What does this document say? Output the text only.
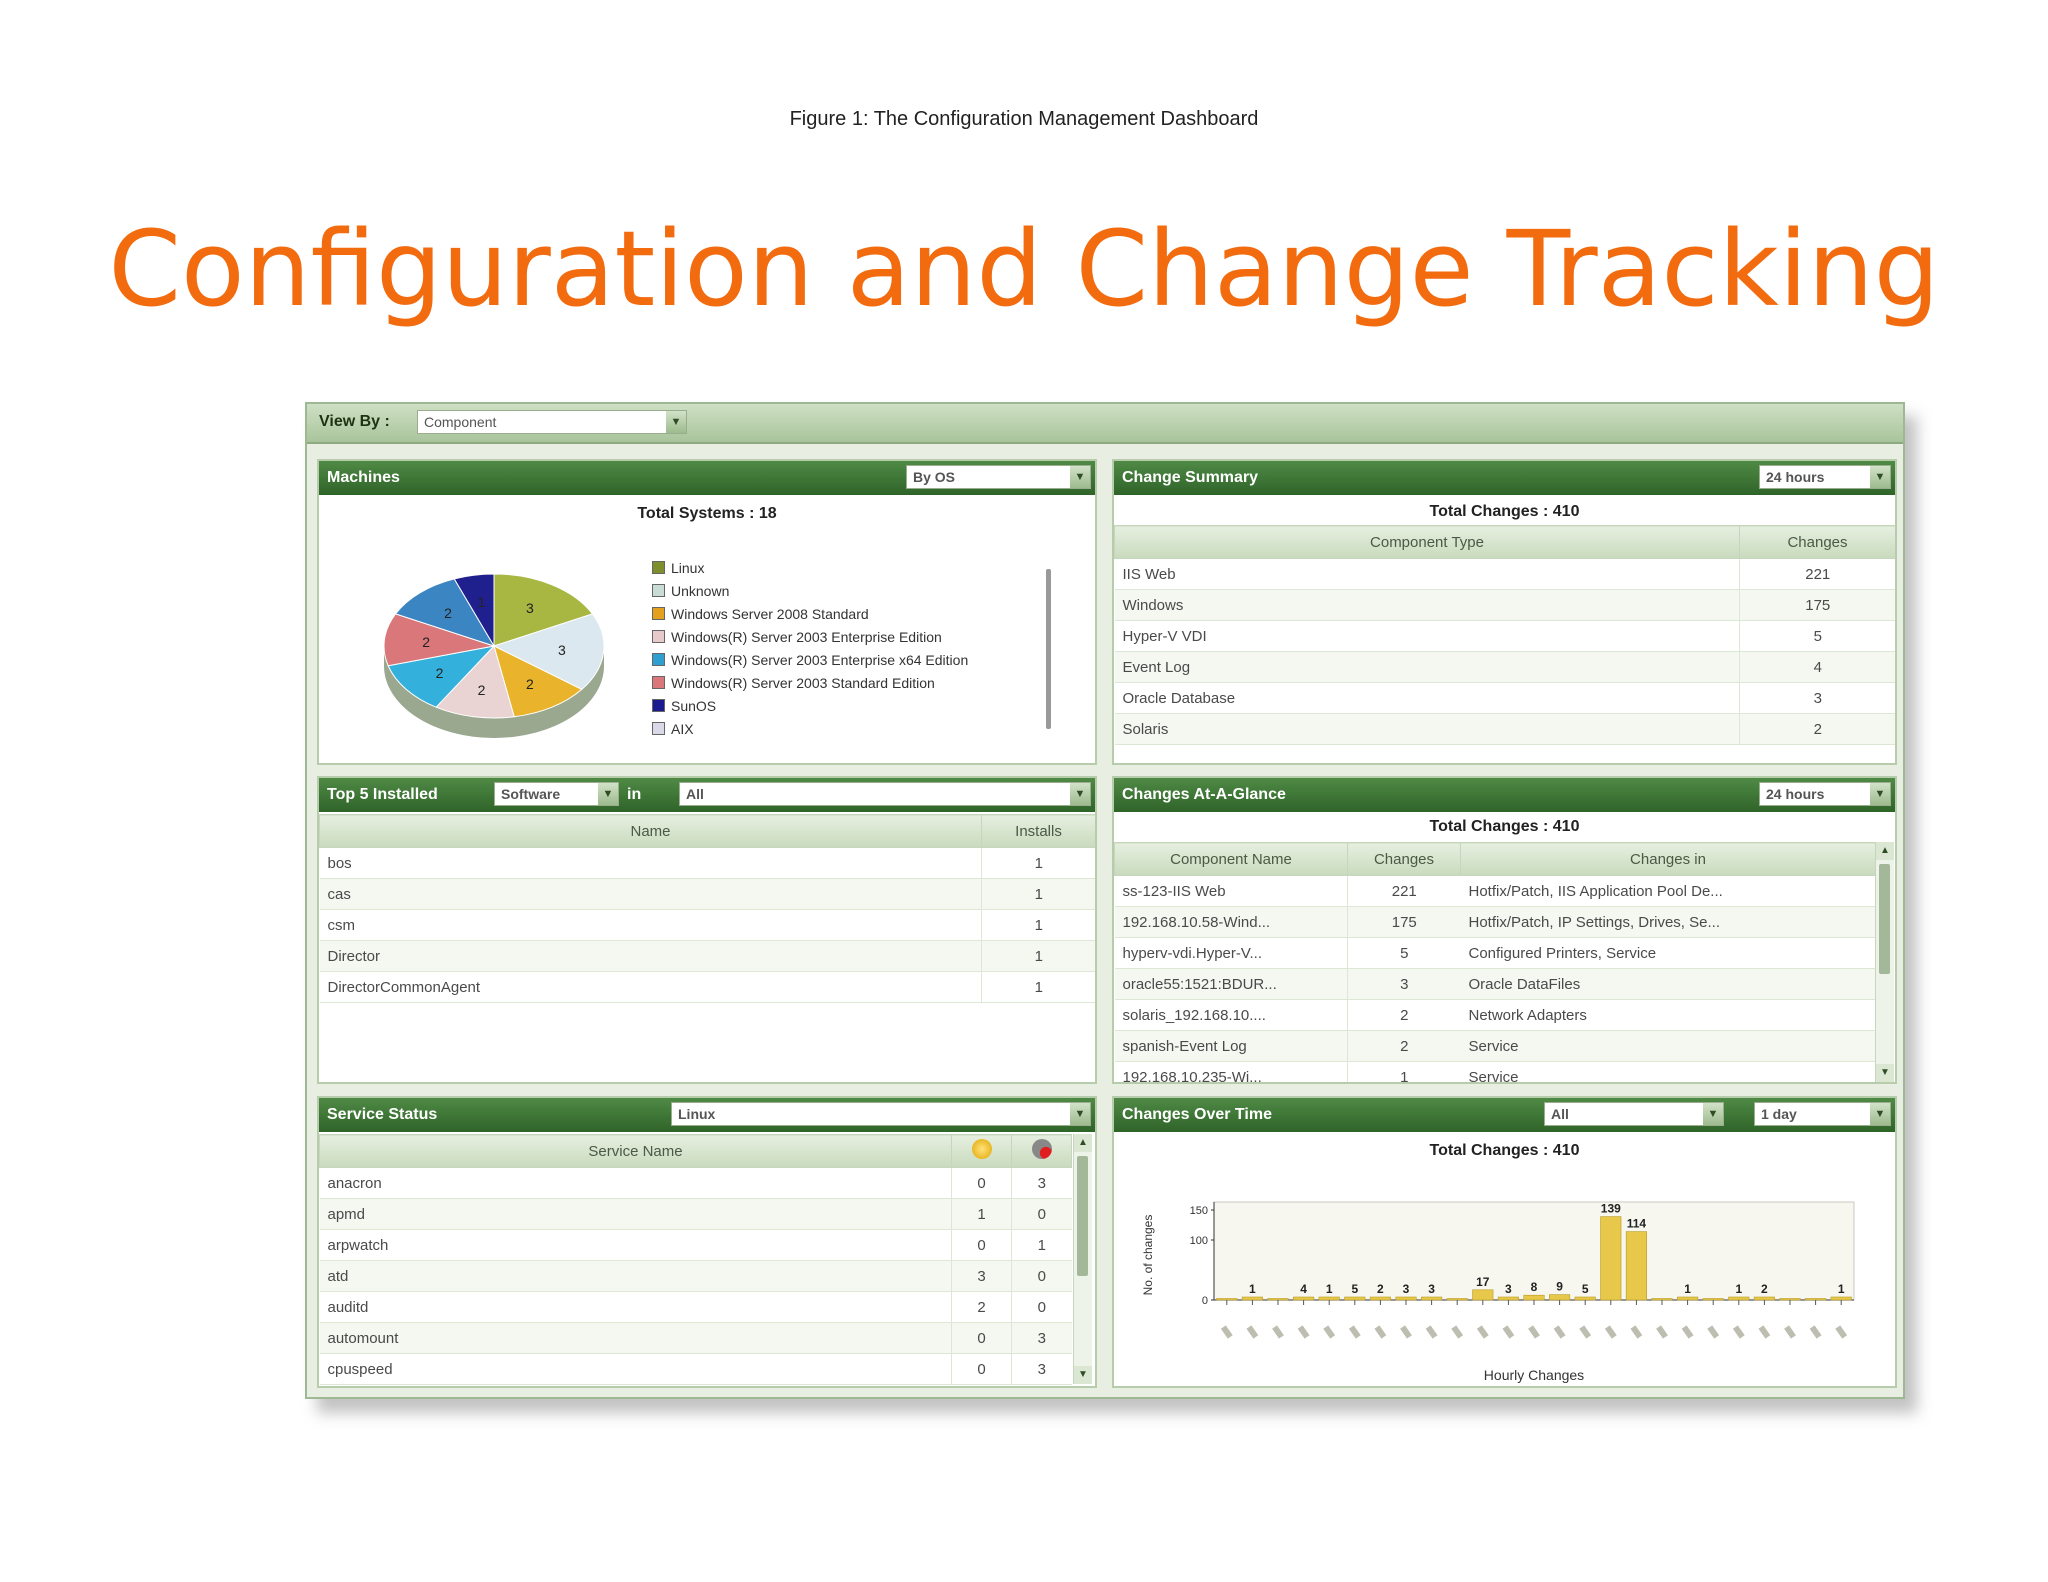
Figure 1: The Configuration Management Dashboard
Configuration and Change Tracking
View By :	Component	▼
Machines	By OS	▼
Total Systems : 18
3
3
2
2
2
2
2
1
Linux
Unknown
Windows Server 2008 Standard
Windows(R) Server 2003 Enterprise Edition
Windows(R) Server 2003 Enterprise x64 Edition
Windows(R) Server 2003 Standard Edition
SunOS
AIX
Change Summary	24 hours	▼
Total Changes : 410
Component Type	Changes
IIS Web	221
Windows	175
Hyper-V VDI	5
Event Log	4
Oracle Database	3
Solaris	2
Top 5 Installed	Software	▼ in	All	▼
Name	Installs
bos	1
cas	1
csm	1
Director	1
DirectorCommonAgent	1
Changes At-A-Glance	24 hours	▼
Total Changes : 410
Component Name	Changes	Changes in
ss-123-IIS Web	221	Hotfix/Patch, IIS Application Pool De...
192.168.10.58-Wind...	175	Hotfix/Patch, IP Settings, Drives, Se...
hyperv-vdi.Hyper-V...	5	Configured Printers, Service
oracle55:1521:BDUR...	3	Oracle DataFiles
solaris_192.168.10....	2	Network Adapters
spanish-Event Log	2	Service
192.168.10.235-Wi...	1	Service
▲
▼
Service Status	Linux	▼
Service Name		
anacron	0	3
apmd	1	0
arpwatch	0	1
atd	3	0
auditd	2	0
automount	0	3
cpuspeed	0	3
▲
▼
Changes Over Time	All	▼	1 day	▼
Total Changes : 410
0
100
150
No. of changes	1	4 1 5 2 3 3
17
3 8 9 5
139
114
1	1 2	1
Hourly Changes
